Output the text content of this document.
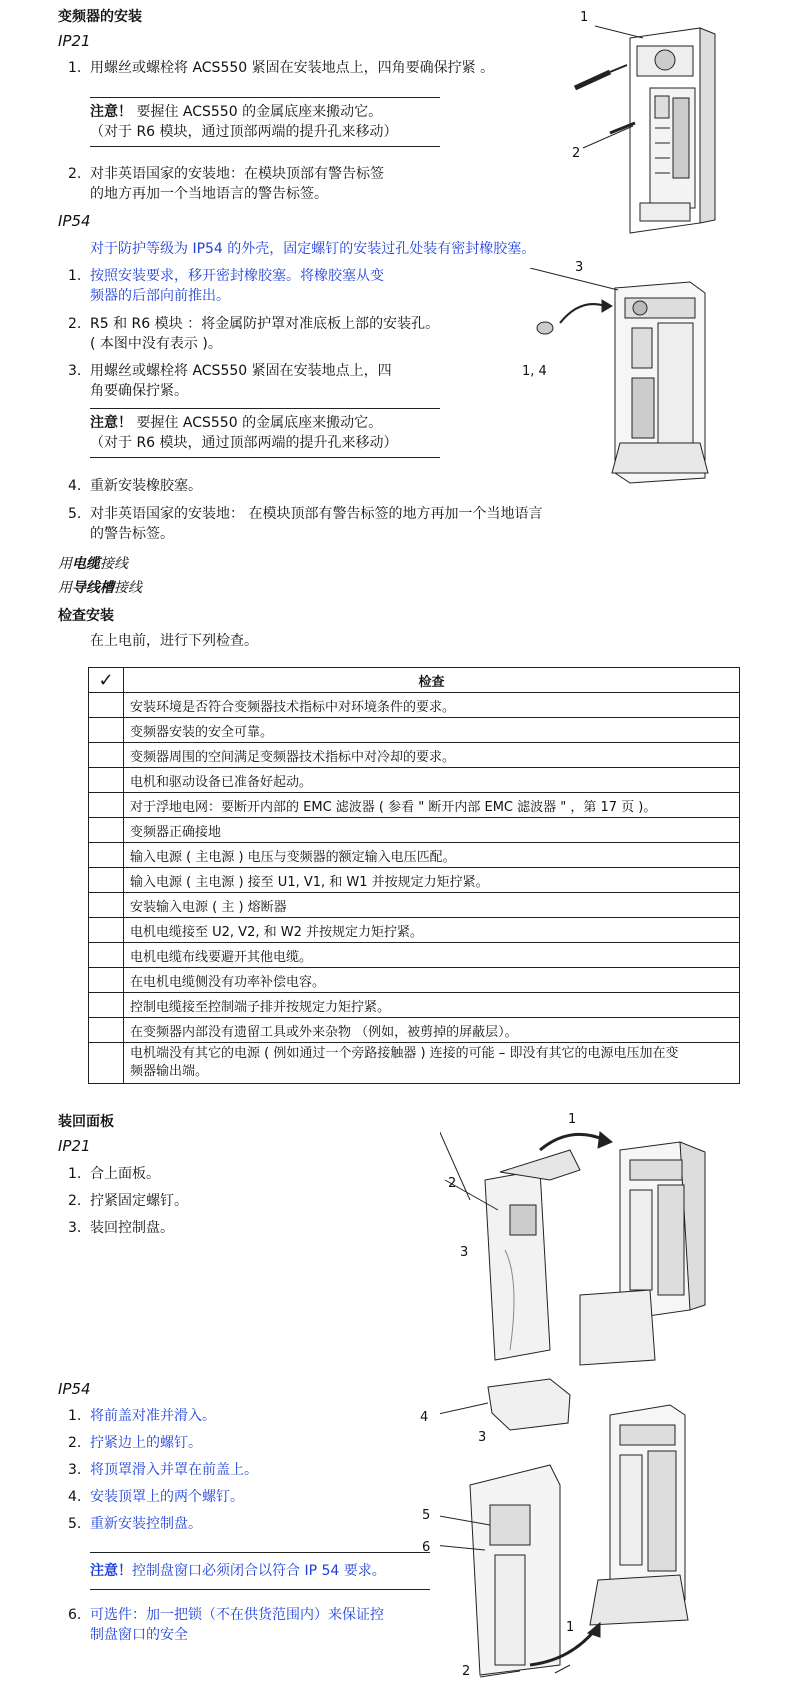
变频器的安装
IP21
1. 用螺丝或螺栓将 ACS550 紧固在安装地点上，四角要确保拧紧 。
注意！ 要握住 ACS550 的金属底座来搬动它。
（对于 R6 模块，通过顶部两端的提升孔来移动）
2. 对非英语国家的安装地：在模块顶部有警告标签
的地方再加一个当地语言的警告标签。
IP54
对于防护等级为 IP54 的外壳，固定螺钉的安装过孔处装有密封橡胶塞。
1. 按照安装要求，移开密封橡胶塞。将橡胶塞从变
频器的后部向前推出。
2. R5 和 R6 模块 ：将金属防护罩对准底板上部的安装孔。
( 本图中没有表示 )。
3. 用螺丝或螺栓将 ACS550 紧固在安装地点上，四
角要确保拧紧。
注意！ 要握住 ACS550 的金属底座来搬动它。
（对于 R6 模块，通过顶部两端的提升孔来移动）
4. 重新安装橡胶塞。
5. 对非英语国家的安装地： 在模块顶部有警告标签的地方再加一个当地语言
的警告标签。
用电缆接线
用导线槽接线
1
2
3
1, 4
检查安装
在上电前，进行下列检查。
✓	检查
	安装环境是否符合变频器技术指标中对环境条件的要求。
	变频器安装的安全可靠。
	变频器周围的空间满足变频器技术指标中对冷却的要求。
	电机和驱动设备已准备好起动。
	对于浮地电网：要断开内部的 EMC 滤波器 ( 参看 " 断开内部 EMC 滤波器 " ，第 17 页 )。
	变频器正确接地
	输入电源 ( 主电源 ) 电压与变频器的额定输入电压匹配。
	输入电源 ( 主电源 ) 接至 U1, V1, 和 W1 并按规定力矩拧紧。
	安装输入电源 ( 主 ) 熔断器
	电机电缆接至 U2, V2, 和 W2 并按规定力矩拧紧。
	电机电缆布线要避开其他电缆。
	在电机电缆侧没有功率补偿电容。
	控制电缆接至控制端子排并按规定力矩拧紧。
	在变频器内部没有遗留工具或外来杂物 （例如，被剪掉的屏蔽层）。

	电机端没有其它的电源 ( 例如通过一个旁路接触器 ) 连接的可能 – 即没有其它的电源电压加在变
频器输出端。
装回面板
IP21
1. 合上面板。
2. 拧紧固定螺钉。
3. 装回控制盘。
1
2
3
IP54
1. 将前盖对准并滑入。
2. 拧紧边上的螺钉。
3. 将顶罩滑入并罩在前盖上。
4. 安装顶罩上的两个螺钉。
5. 重新安装控制盘。
注意！控制盘窗口必须闭合以符合 IP 54 要求。
6. 可选件：加一把锁（不在供货范围内）来保证控
制盘窗口的安全
4
3
5
6
1
2
